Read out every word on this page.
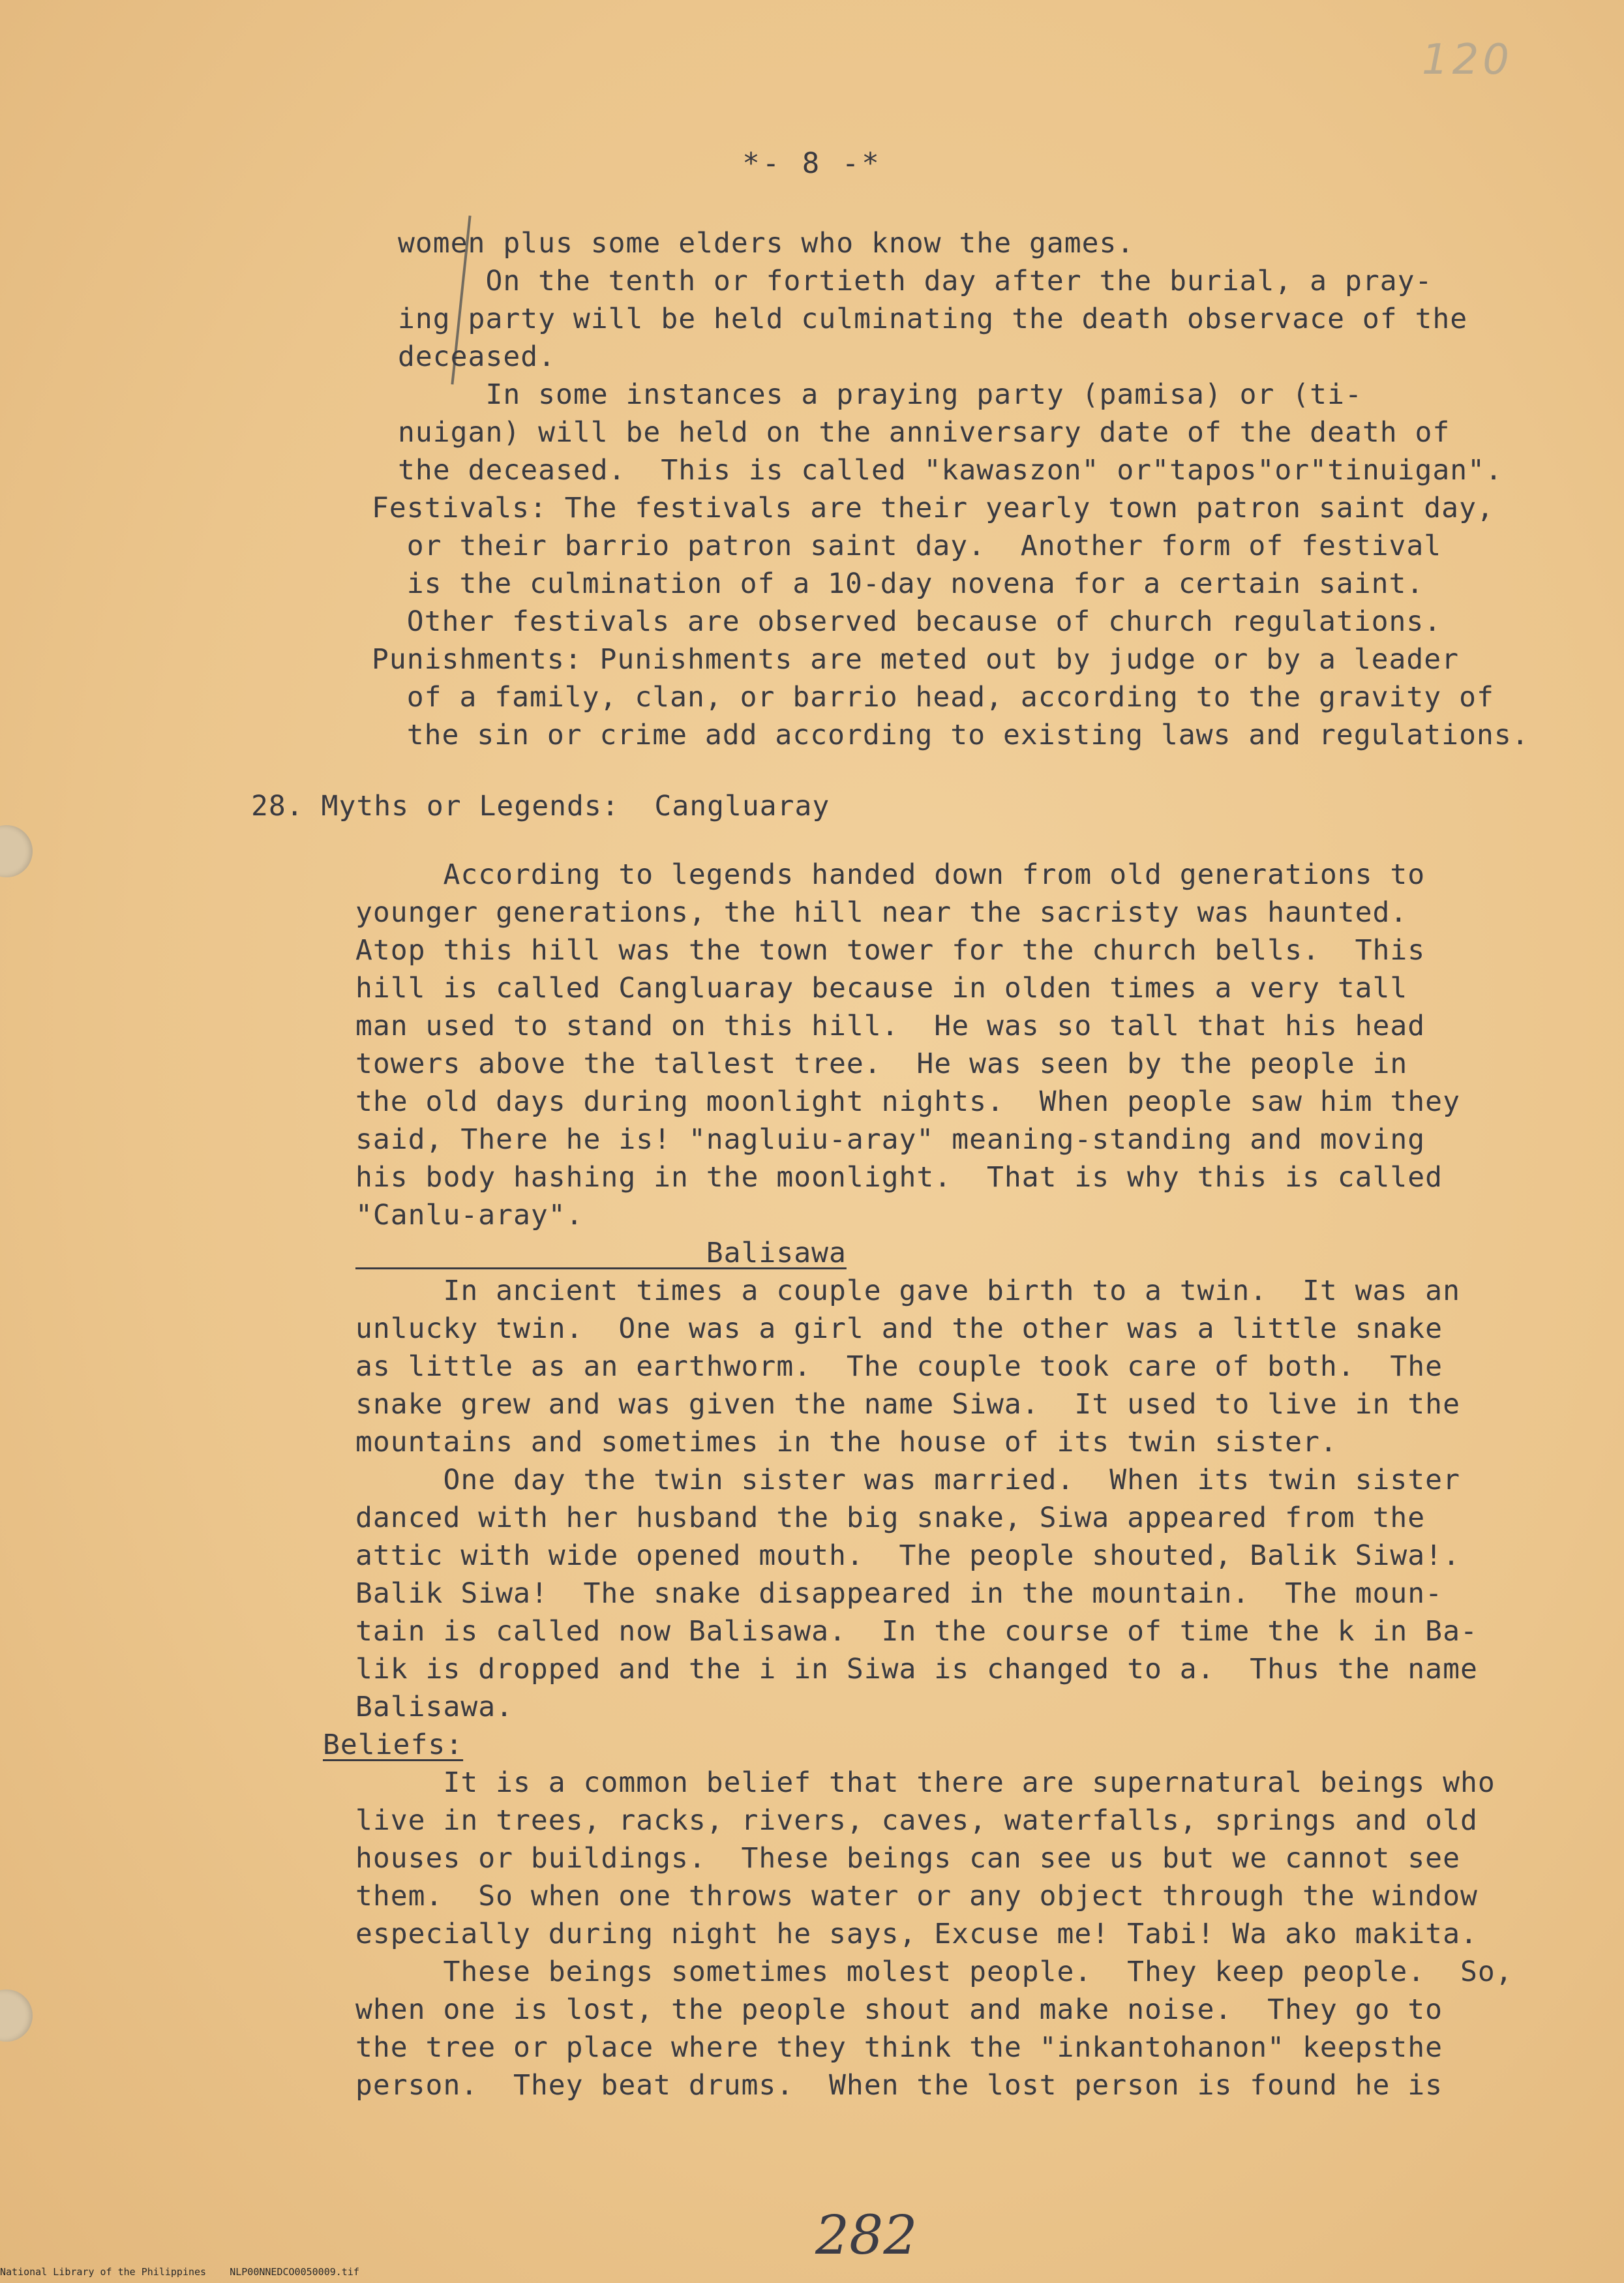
120
*- 8 -*
women plus some elders who know the games.
On the tenth or fortieth day after the burial, a pray-
ing party will be held culminating the death observace of the
deceased.
In some instances a praying party (pamisa) or (ti-
nuigan) will be held on the anniversary date of the death of
the deceased.  This is called "kawaszon" or"tapos"or"tinuigan".
Festivals: The festivals are their yearly town patron saint day,
or their barrio patron saint day.  Another form of festival
is the culmination of a 10-day novena for a certain saint.
Other festivals are observed because of church regulations.
Punishments: Punishments are meted out by judge or by a leader
of a family, clan, or barrio head, according to the gravity of
the sin or crime add according to existing laws and regulations.
28. Myths or Legends:  Cangluaray
According to legends handed down from old generations to
younger generations, the hill near the sacristy was haunted.
Atop this hill was the town tower for the church bells.  This
hill is called Cangluaray because in olden times a very tall
man used to stand on this hill.  He was so tall that his head
towers above the tallest tree.  He was seen by the people in
the old days during moonlight nights.  When people saw him they
said, There he is! "nagluiu-aray" meaning-standing and moving
his body hashing in the moonlight.  That is why this is called
"Canlu-aray".
Balisawa
In ancient times a couple gave birth to a twin.  It was an
unlucky twin.  One was a girl and the other was a little snake
as little as an earthworm.  The couple took care of both.  The
snake grew and was given the name Siwa.  It used to live in the
mountains and sometimes in the house of its twin sister.
One day the twin sister was married.  When its twin sister
danced with her husband the big snake, Siwa appeared from the
attic with wide opened mouth.  The people shouted, Balik Siwa!.
Balik Siwa!  The snake disappeared in the mountain.  The moun-
tain is called now Balisawa.  In the course of time the k in Ba-
lik is dropped and the i in Siwa is changed to a.  Thus the name
Balisawa.
Beliefs:
It is a common belief that there are supernatural beings who
live in trees, racks, rivers, caves, waterfalls, springs and old
houses or buildings.  These beings can see us but we cannot see
them.  So when one throws water or any object through the window
especially during night he says, Excuse me! Tabi! Wa ako makita.
These beings sometimes molest people.  They keep people.  So,
when one is lost, the people shout and make noise.  They go to
the tree or place where they think the "inkantohanon" keepsthe
person.  They beat drums.  When the lost person is found he is
282
National Library of the Philippines    NLP00NNEDCO0050009.tif
